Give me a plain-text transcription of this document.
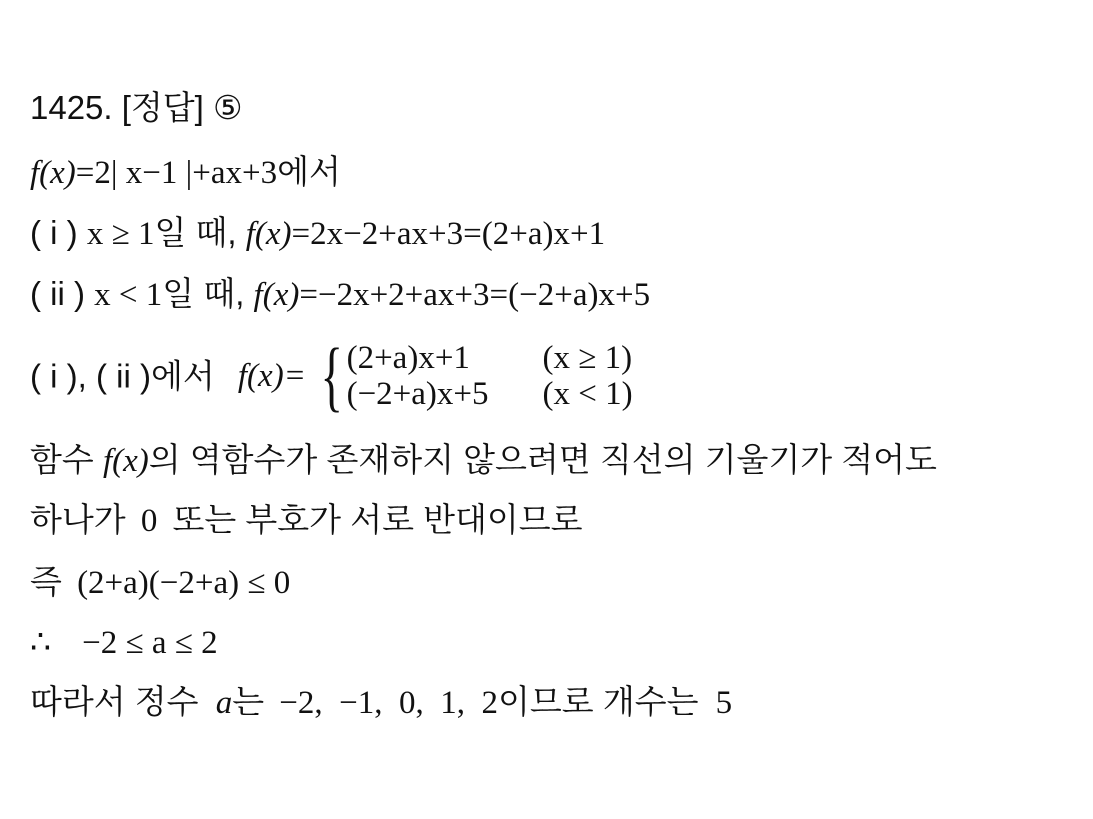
1425. [정답] ⑤
f(x)=2| x−1 |+ax+3에서
( i ) x ≥ 1일 때, f(x)=2x−2+ax+3=(2+a)x+1
( ii ) x < 1일 때, f(x)=−2x+2+ax+3=(−2+a)x+5
( i ), ( ii )에서 f(x)= { (2+a)x+1	(x ≥ 1)
(−2+a)x+5 (x < 1)
함수 f(x)의 역함수가 존재하지 않으려면 직선의 기울기가 적어도
하나가 0 또는 부호가 서로 반대이므로
즉 (2+a)(−2+a) ≤ 0
∴ −2 ≤ a ≤ 2
따라서 정수 a는 −2,  −1,  0,  1,  2이므로 개수는 5
